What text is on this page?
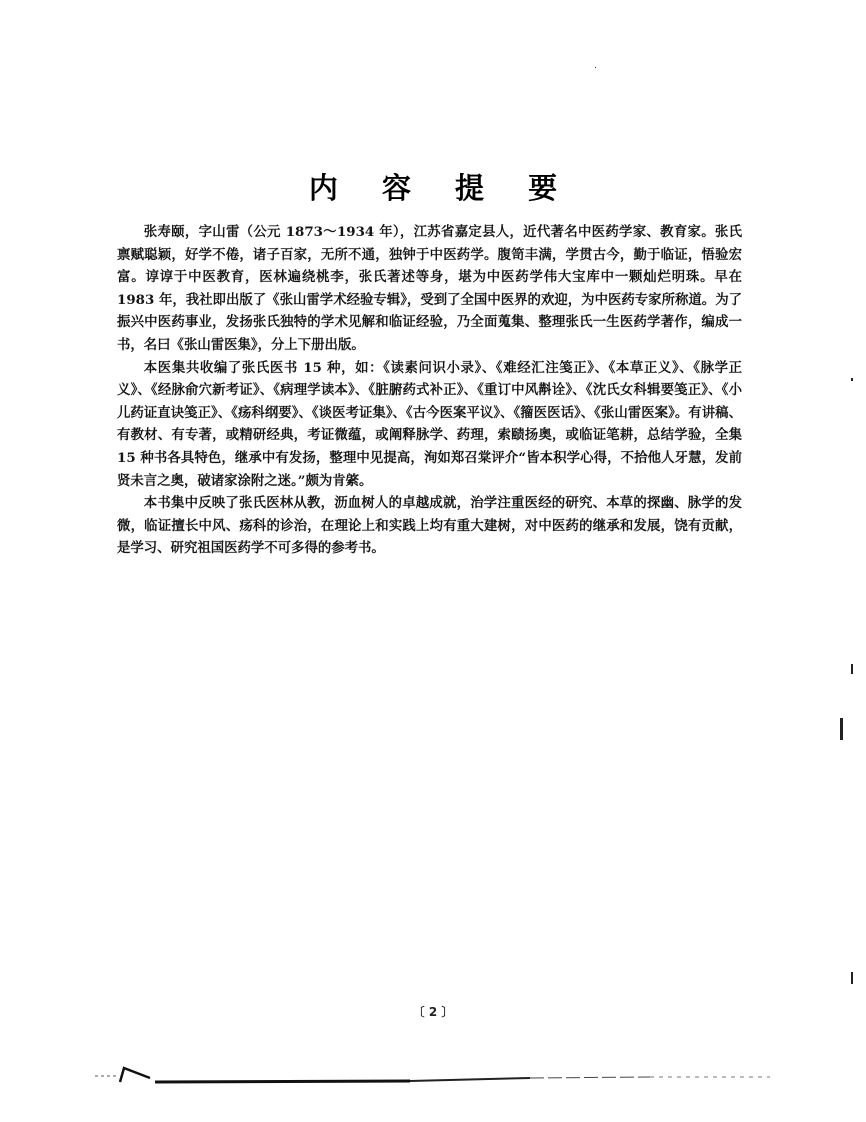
内 容 提 要

张寿颐，字山雷（公元 1873～1934 年），江苏省嘉定县人，近代著名中医药学家、教育家。张氏禀赋聪颖，好学不倦，诸子百家，无所不通，独钟于中医药学。腹笥丰满，学贯古今，勤于临证，悟验宏富。谆谆于中医教育，医林遍绕桃李，张氏著述等身，堪为中医药学伟大宝库中一颗灿烂明珠。早在 1983 年，我社即出版了《张山雷学术经验专辑》，受到了全国中医界的欢迎，为中医药专家所称道。为了振兴中医药事业，发扬张氏独特的学术见解和临证经验，乃全面蒐集、整理张氏一生医药学著作，编成一书，名曰《张山雷医集》，分上下册出版。

本医集共收编了张氏医书 15 种，如：《读素问识小录》、《难经汇注笺正》、《本草正义》、《脉学正义》、《经脉俞穴新考证》、《病理学读本》、《脏腑药式补正》、《重订中风斠诠》、《沈氏女科辑要笺正》、《小儿药证直诀笺正》、《疡科纲要》、《谈医考证集》、《古今医案平议》、《籀医医话》、《张山雷医案》。有讲稿、有教材、有专著，或精研经典，考证微蕴，或阐释脉学、药理，索赜扬奥，或临证笔耕，总结学验，全集 15 种书各具特色，继承中有发扬，整理中见提高，洵如郑召棠评介“皆本积学心得，不拾他人牙慧，发前贤未言之奥，破诸家涂附之迷。”颇为肯綮。

本书集中反映了张氏医林从教，沥血树人的卓越成就，治学注重医经的研究、本草的探幽、脉学的发微，临证擅长中风、疡科的诊治，在理论上和实践上均有重大建树，对中医药的继承和发展，饶有贡献，是学习、研究祖国医药学不可多得的参考书。

〔 2 〕
